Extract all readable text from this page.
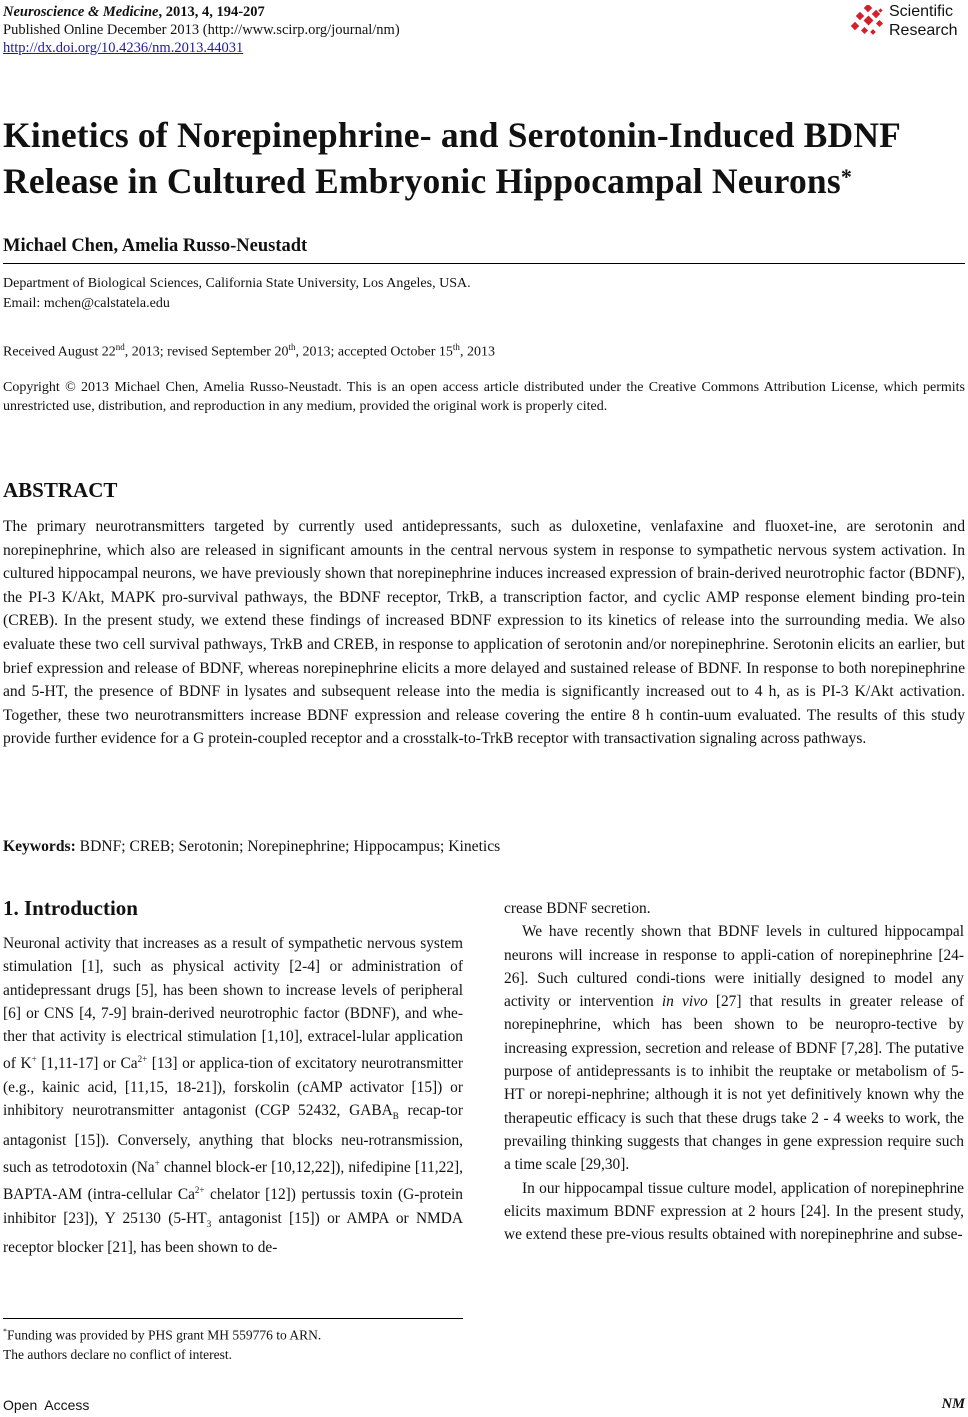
Neuroscience & Medicine, 2013, 4, 194-207
Published Online December 2013 (http://www.scirp.org/journal/nm)
http://dx.doi.org/10.4236/nm.2013.44031
Scientific
Research
Kinetics of Norepinephrine- and Serotonin-Induced BDNF
Release in Cultured Embryonic Hippocampal Neurons*
Michael Chen, Amelia Russo-Neustadt
Department of Biological Sciences, California State University, Los Angeles, USA.
Email: mchen@calstatela.edu
Received August 22nd, 2013; revised September 20th, 2013; accepted October 15th, 2013
Copyright © 2013 Michael Chen, Amelia Russo-Neustadt. This is an open access article distributed under the Creative Commons Attribution License, which permits unrestricted use, distribution, and reproduction in any medium, provided the original work is properly cited.
ABSTRACT
The primary neurotransmitters targeted by currently used antidepressants, such as duloxetine, venlafaxine and fluoxet-ine, are serotonin and norepinephrine, which also are released in significant amounts in the central nervous system in response to sympathetic nervous system activation. In cultured hippocampal neurons, we have previously shown that norepinephrine induces increased expression of brain-derived neurotrophic factor (BDNF), the PI-3 K/Akt, MAPK pro-survival pathways, the BDNF receptor, TrkB, a transcription factor, and cyclic AMP response element binding pro-tein (CREB). In the present study, we extend these findings of increased BDNF expression to its kinetics of release into the surrounding media. We also evaluate these two cell survival pathways, TrkB and CREB, in response to application of serotonin and/or norepinephrine. Serotonin elicits an earlier, but brief expression and release of BDNF, whereas norepinephrine elicits a more delayed and sustained release of BDNF. In response to both norepinephrine and 5-HT, the presence of BDNF in lysates and subsequent release into the media is significantly increased out to 4 h, as is PI-3 K/Akt activation. Together, these two neurotransmitters increase BDNF expression and release covering the entire 8 h contin-uum evaluated. The results of this study provide further evidence for a G protein-coupled receptor and a crosstalk-to-TrkB receptor with transactivation signaling across pathways.
Keywords: BDNF; CREB; Serotonin; Norepinephrine; Hippocampus; Kinetics
1. Introduction

Neuronal activity that increases as a result of sympathetic nervous system stimulation [1], such as physical activity [2-4] or administration of antidepressant drugs [5], has been shown to increase levels of peripheral [6] or CNS [4, 7-9] brain-derived neurotrophic factor (BDNF), and whe-ther that activity is electrical stimulation [1,10], extracel-lular application of K+ [1,11-17] or $Ca^{2+}$ [13] or applica-tion of excitatory neurotransmitter (e.g., kainic acid, [11,15, 18-21]), forskolin (cAMP activator [15]) or inhibitory neurotransmitter antagonist (CGP 52432, $GABA_B$ recap-tor antagonist [15]). Conversely, anything that blocks neu-rotransmission, such as tetrodotoxin (Na+ channel block-er [10,12,22]), nifedipine [11,22], BAPTA-AM (intra-cellular $Ca^{2+}$ chelator [12]) pertussis toxin (G-protein inhibitor [23]), Y 25130 ($5-HT_3$ antagonist [15]) or AMPA or NMDA receptor blocker [21], has been shown to de-

crease BDNF secretion.

We have recently shown that BDNF levels in cultured hippocampal neurons will increase in response to appli-cation of norepinephrine [24-26]. Such cultured condi-tions were initially designed to model any activity or intervention in vivo [27] that results in greater release of norepinephrine, which has been shown to be neuropro-tective by increasing expression, secretion and release of BDNF [7,28]. The putative purpose of antidepressants is to inhibit the reuptake or metabolism of 5-HT or norepi-nephrine; although it is not yet definitively known why the therapeutic efficacy is such that these drugs take 2 - 4 weeks to work, the prevailing thinking suggests that changes in gene expression require such a time scale [29,30].

In our hippocampal tissue culture model, application of norepinephrine elicits maximum BDNF expression at 2 hours [24]. In the present study, we extend these pre-vious results obtained with norepinephrine and subse-

*Funding was provided by PHS grant MH 559776 to ARN.
The authors declare no conflict of interest.
Open  Access	NM
